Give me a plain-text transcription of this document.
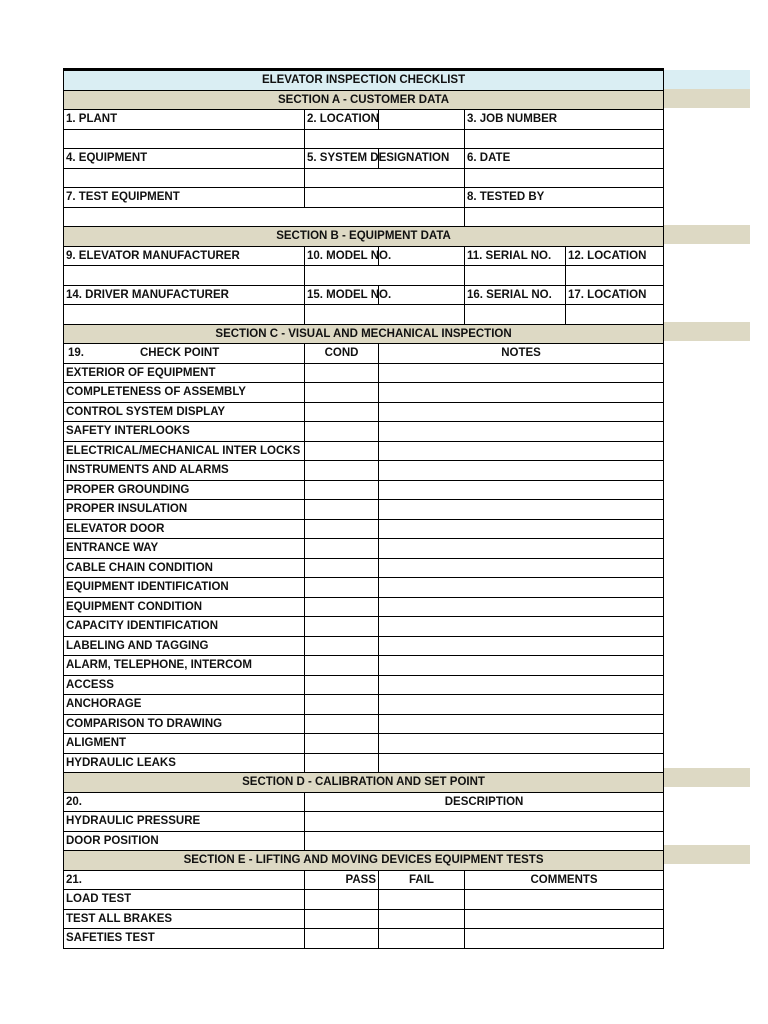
ELEVATOR INSPECTION CHECKLIST				
SECTION A - CUSTOMER DATA				
1. PLANT	2. LOCATION		3. JOB NUMBER	

4. EQUIPMENT	5. SYSTEM DESIGNATION		6. DATE	

7. TEST EQUIPMENT			8. TESTED BY	

SECTION B - EQUIPMENT DATA				
9. ELEVATOR MANUFACTURER	10. MODEL NO.		11. SERIAL NO.	12. LOCATION

14. DRIVER MANUFACTURER	15. MODEL NO.		16. SERIAL NO.	17. LOCATION

SECTION C - VISUAL AND MECHANICAL INSPECTION				
19. CHECK POINT	COND	NOTES		
EXTERIOR OF EQUIPMENT				
COMPLETENESS OF ASSEMBLY				
CONTROL SYSTEM DISPLAY				
SAFETY INTERLOOKS				
ELECTRICAL/MECHANICAL INTER LOCKS				
INSTRUMENTS AND ALARMS				
PROPER GROUNDING				
PROPER INSULATION				
ELEVATOR DOOR				
ENTRANCE WAY				
CABLE CHAIN CONDITION				
EQUIPMENT IDENTIFICATION				
EQUIPMENT CONDITION				
CAPACITY IDENTIFICATION				
LABELING AND TAGGING				
ALARM, TELEPHONE, INTERCOM				
ACCESS				
ANCHORAGE				
COMPARISON TO DRAWING				
ALIGMENT				
HYDRAULIC LEAKS				
SECTION D - CALIBRATION AND SET POINT				
20.	DESCRIPTION			
HYDRAULIC PRESSURE				
DOOR POSITION				
SECTION E - LIFTING AND MOVING DEVICES EQUIPMENT TESTS				
21.	PASS	FAIL	COMMENTS	
LOAD TEST				
TEST ALL BRAKES				
SAFETIES TEST				
